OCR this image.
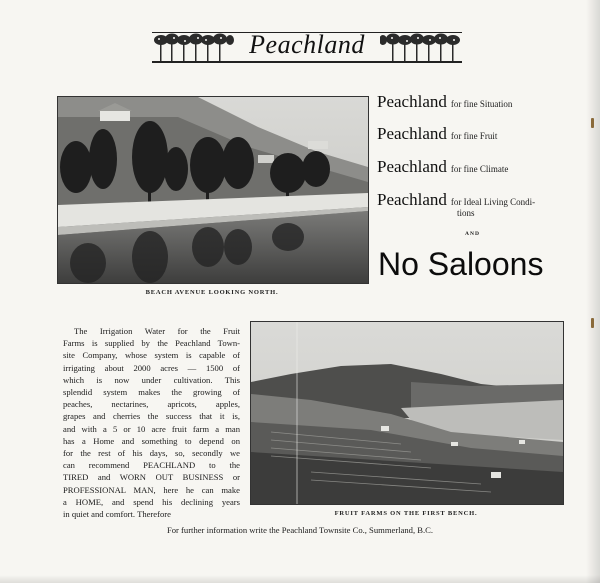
Peachland
BEACH AVENUE LOOKING NORTH.
Peachland for fine Situation
Peachland for fine Fruit
Peachland for fine Climate
Peachland for Ideal Living Condi-
tions
AND
No Saloons
The Irrigation Water for the Fruit
Farms is supplied by the Peachland Town-
site Company, whose system is capable of
irrigating about 2000 acres — 1500 of
which is now under cultivation. This
splendid system makes the growing of
peaches, nectarines, apricots, apples,
grapes and cherries the success that it is,
and with a 5 or 10 acre fruit farm a man
has a Home and something to depend on
for the rest of his days, so, secondly we
can recommend PEACHLAND to the
TIRED and WORN OUT BUSINESS or
PROFESSIONAL MAN, here he can make
a HOME, and spend his declining years
in quiet and comfort. Therefore	FRUIT FARMS ON THE FIRST BENCH.
For further information write the Peachland Townsite Co., Summerland, B.C.
